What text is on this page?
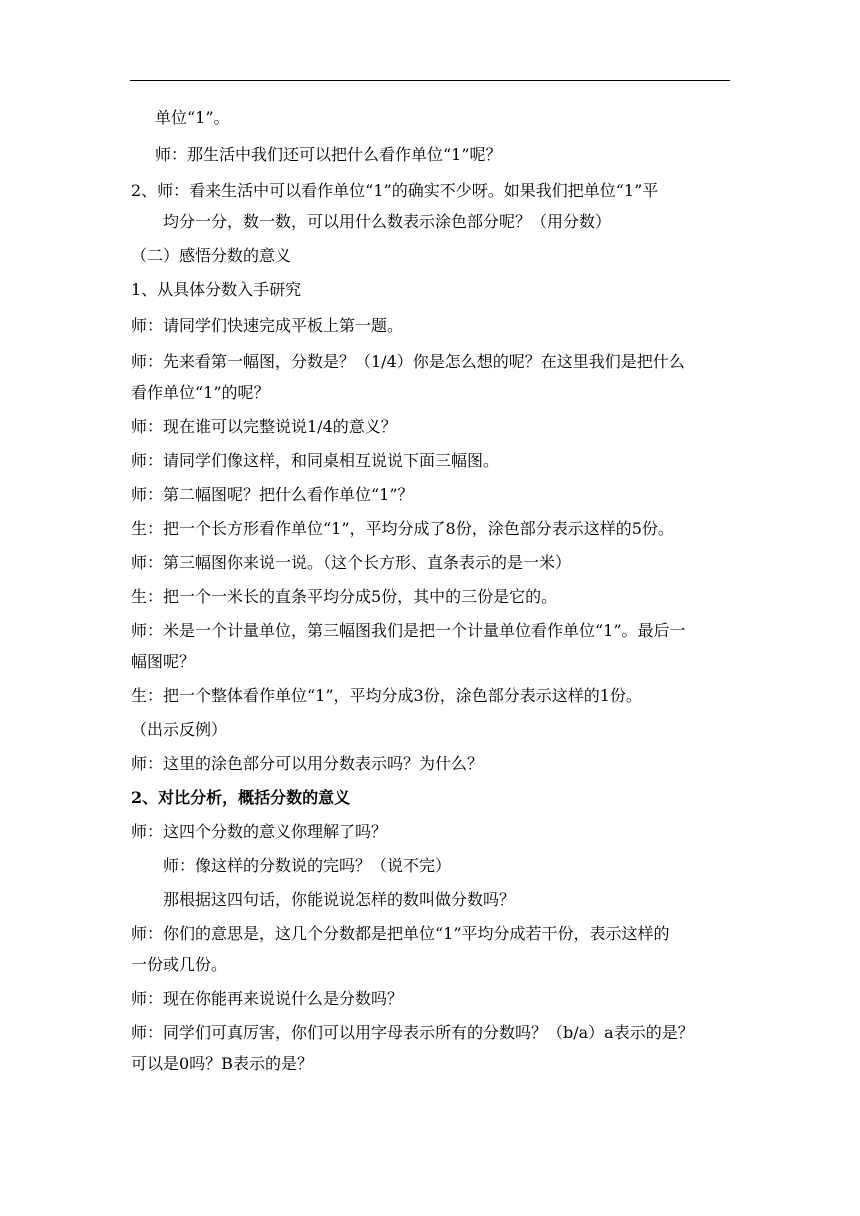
单位“1”。
师：那生活中我们还可以把什么看作单位“1”呢？
2、师：看来生活中可以看作单位“1”的确实不少呀。如果我们把单位“1”平
均分一分，数一数，可以用什么数表示涂色部分呢？（用分数）
（二）感悟分数的意义
1、从具体分数入手研究
师：请同学们快速完成平板上第一题。
师：先来看第一幅图，分数是？（1/4）你是怎么想的呢？在这里我们是把什么
看作单位“1”的呢？
师：现在谁可以完整说说1/4的意义？
师：请同学们像这样，和同桌相互说说下面三幅图。
师：第二幅图呢？把什么看作单位“1”？
生：把一个长方形看作单位“1”，平均分成了8份，涂色部分表示这样的5份。
师：第三幅图你来说一说。（这个长方形、直条表示的是一米）
生：把一个一米长的直条平均分成5份，其中的三份是它的。
师：米是一个计量单位，第三幅图我们是把一个计量单位看作单位“1”。最后一
幅图呢？
生：把一个整体看作单位“1”，平均分成3份，涂色部分表示这样的1份。
（出示反例）
师：这里的涂色部分可以用分数表示吗？为什么？
2、对比分析，概括分数的意义
师：这四个分数的意义你理解了吗？
师：像这样的分数说的完吗？（说不完）
那根据这四句话，你能说说怎样的数叫做分数吗？
师：你们的意思是，这几个分数都是把单位“1”平均分成若干份，表示这样的
一份或几份。
师：现在你能再来说说什么是分数吗？
师：同学们可真厉害，你们可以用字母表示所有的分数吗？（b/a）a表示的是？
可以是0吗？B表示的是？
